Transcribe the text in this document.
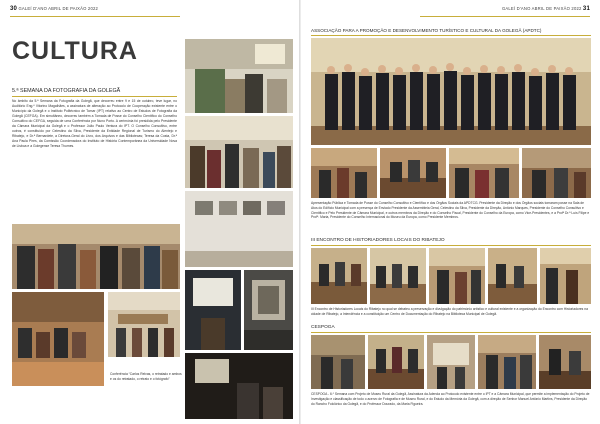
30 GALEÍ D'ANO ABRIL DE PAIXÃO 2022
CULTURA
5.ª SEMANA DA FOTOGRAFIA DA GOLEGÃ
No âmbito da 5.ª Semana da Fotografia da Golegã, que decorreu entre 9 e 15 de outubro, teve lugar, no Auditório Eng.º Vitorino Magalhães, a assinatura de alteração ao Protocolo de Cooperação existente entre o Município da Golegã e o Instituto Politécnico de Tomar (IPT) relativo ao Centro de Estudos de Fotografia da Golegã (CEFGA). Em simultâneo, decorreu também a Tomada de Posse do Conselho Científico do Conselho Consultivo do CEFGA, seguida de uma Conferência por Nuno Porto. A cerimónia foi presidida pelo Presidente da Câmara Municipal da Golegã e o Professor João Paulo Ventura do IPT. O Conselho Consultivo, entre outros, é constituído por Celestino da Silva, Presidente da Entidade Regional de Turismo do Alentejo e Ribatejo, e Dr.ª Bernardete, a Diretora-Geral do Livro, dos Arquivos e das Bibliotecas; Teresa da Costa, Dr.ª Ana Paula Pires, da Comissão Coordenadora do Instituto de História Contemporânea da Universidade Nova de Lisboa e a Golegense Teresa Thurnes.
Conferência “Carlos Relvas, o retratado e ambos e os do retratado, o retrato e o fotógrafo”
GALEÍ D'ANO ABRIL DE PAIXÃO 2022 31
ASSOCIAÇÃO PARA A PROMOÇÃO E DESENVOLVIMENTO TURÍSTICO E CULTURAL DA GOLEGÃ (APDTC)
Apresentação Pública e Tomada de Posse do Conselho Consultivo e Científico e dos Órgãos Sociais da APDTCG. Presidente da Direção e dos Órgãos sociais tomaram posse na Sala de Atos do Edifício Municipal com a presença de Enviado Presidente da Assembleia Geral, Celestino da Silva, Presidente da Direção, António Marques, Presidente do Conselho Consultivo e Científico e Pelo Presidente de Câmara Municipal, e outros membros da Direção e do Conselho Fiscal, Presidente do Conselho da Europa, como Vice-Presidentes, e a Profª Dr.ª Luís Filipe e Profª. Maria, Presidente do Conselho Internacional do Museu da Europa, como Presidente Membros.
III ENCONTRO DE HISTORIADORES LOCAIS DO RIBATEJO
III Encontro de Historiadores Locais do Ribatejo no qual se debateu a preservação e divulgação do património artístico e cultural existente e a organização do Encontro com Historiadores na cidade de Ribatejo, a Intendência e a constituição um Centro de Documentação do Ribatejo na Biblioteca Municipal de Golegã.
CESPOGA
CESPOGA - 6.º Semana com Projeto de Museu Rural da Golegã, Assinatura da Adenda ao Protocolo existente entre o IPT e a Câmara Municipal, que permite a implementação do Projeto de Investigação e classificação de todo o acervo de Fotografia e de Museu Rural, e do Estudo da Memória da Golegã, com a direção de Senhor Manuel António Martins, Presidente da Direção do Rancho Folclórico da Golegã, e do Professor Dourado, da Maria Figueira.
